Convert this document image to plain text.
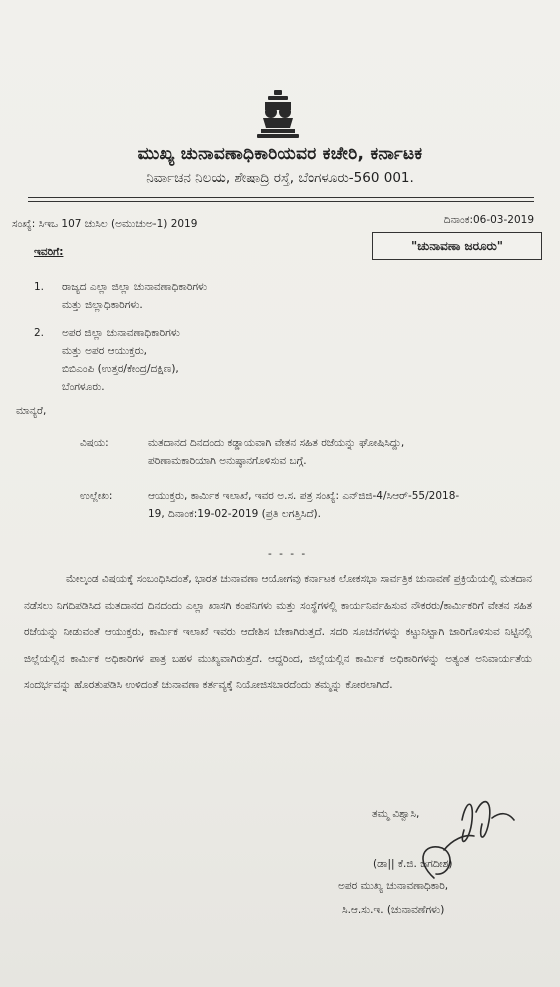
ಮುಖ್ಯ ಚುನಾವಣಾಧಿಕಾರಿಯವರ ಕಚೇರಿ, ಕರ್ನಾಟಕ
ನಿರ್ವಾಚನ ನಿಲಯ, ಶೇಷಾದ್ರಿ ರಸ್ತೆ, ಬೆಂಗಳೂರು-560 001.
ಸಂಖ್ಯೆ: ಸಿಇಒ 107 ಚುಸಿಲ (ಅಮುಚುಅ-1) 2019	ದಿನಾಂಕ:06-03-2019
ಇವರಿಗೆ:	"ಚುನಾವಣಾ ಜರೂರು"
1. ರಾಜ್ಯದ ಎಲ್ಲಾ ಜಿಲ್ಲಾ ಚುನಾವಣಾಧಿಕಾರಿಗಳು
ಮತ್ತು ಜಿಲ್ಲಾಧಿಕಾರಿಗಳು.
2. ಅಪರ ಜಿಲ್ಲಾ ಚುನಾವಣಾಧಿಕಾರಿಗಳು
ಮತ್ತು ಅಪರ ಆಯುಕ್ತರು,
ಬಿಬಿಎಂಪಿ (ಉತ್ತರ/ಕೇಂದ್ರ/ದಕ್ಷಿಣ),
ಬೆಂಗಳೂರು.
ಮಾನ್ಯರೆ,
ವಿಷಯ:	ಮತದಾನದ ದಿನದಂದು ಕಡ್ಡಾಯವಾಗಿ ವೇತನ ಸಹಿತ ರಜೆಯನ್ನು ಘೋಷಿಸಿದ್ದು, ಪರಿಣಾಮಕಾರಿಯಾಗಿ ಅನುಷ್ಠಾನಗೊಳಿಸುವ ಬಗ್ಗೆ.
ಉಲ್ಲೇಖ:	ಆಯುಕ್ತರು, ಕಾರ್ಮಿಕ ಇಲಾಖೆ, ಇವರ ಅ.ಸ. ಪತ್ರ ಸಂಖ್ಯೆ: ಎನ್‌ಜಿಜಿ-4/ಸಿಆರ್-55/2018-19, ದಿನಾಂಕ:19-02-2019 (ಪ್ರತಿ ಲಗತ್ತಿಸಿದೆ).
- - - -
ಮೇಲ್ಕಂಡ ವಿಷಯಕ್ಕೆ ಸಂಬಂಧಿಸಿದಂತೆ, ಭಾರತ ಚುನಾವಣಾ ಆಯೋಗವು ಕರ್ನಾಟಕ ಲೋಕಸಭಾ ಸಾರ್ವತ್ರಿಕ ಚುನಾವಣೆ ಪ್ರಕ್ರಿಯೆಯಲ್ಲಿ ಮತದಾನ ನಡೆಸಲು ನಿಗದಿಪಡಿಸಿದ ಮತದಾನದ ದಿನದಂದು ಎಲ್ಲಾ ಖಾಸಗಿ ಕಂಪನಿಗಳು ಮತ್ತು ಸಂಸ್ಥೆಗಳಲ್ಲಿ ಕಾರ್ಯನಿರ್ವಹಿಸುವ ನೌಕರರು/ಕಾರ್ಮಿಕರಿಗೆ ವೇತನ ಸಹಿತ ರಜೆಯನ್ನು ನೀಡುವಂತೆ ಆಯುಕ್ತರು, ಕಾರ್ಮಿಕ ಇಲಾಖೆ ಇವರು ಆದೇಶಿಸ ಬೇಕಾಗಿರುತ್ತದೆ. ಸದರಿ ಸೂಚನೆಗಳನ್ನು ಕಟ್ಟುನಿಟ್ಟಾಗಿ ಜಾರಿಗೊಳಿಸುವ ನಿಟ್ಟಿನಲ್ಲಿ ಜಿಲ್ಲೆಯಲ್ಲಿನ ಕಾರ್ಮಿಕ ಅಧಿಕಾರಿಗಳ ಪಾತ್ರ ಬಹಳ ಮುಖ್ಯವಾಗಿರುತ್ತದೆ. ಆದ್ದರಿಂದ, ಜಿಲ್ಲೆಯಲ್ಲಿನ ಕಾರ್ಮಿಕ ಅಧಿಕಾರಿಗಳನ್ನು ಅತ್ಯಂತ ಅನಿವಾರ್ಯತೆಯ ಸಂದರ್ಭವನ್ನು ಹೊರತುಪಡಿಸಿ ಉಳಿದಂತೆ ಚುನಾವಣಾ ಕರ್ತವ್ಯಕ್ಕೆ ನಿಯೋಜಿಸಬಾರದೆಂದು ತಮ್ಮನ್ನು ಕೋರಲಾಗಿದೆ.
ತಮ್ಮ ವಿಶ್ವಾಸಿ,
(ಡಾ|| ಕೆ.ಜಿ. ಜಗದೀಶ)
ಅಪರ ಮುಖ್ಯ ಚುನಾವಣಾಧಿಕಾರಿ,
ಸಿ.ಆ.ಸು.ಇ. (ಚುನಾವಣೆಗಳು)
